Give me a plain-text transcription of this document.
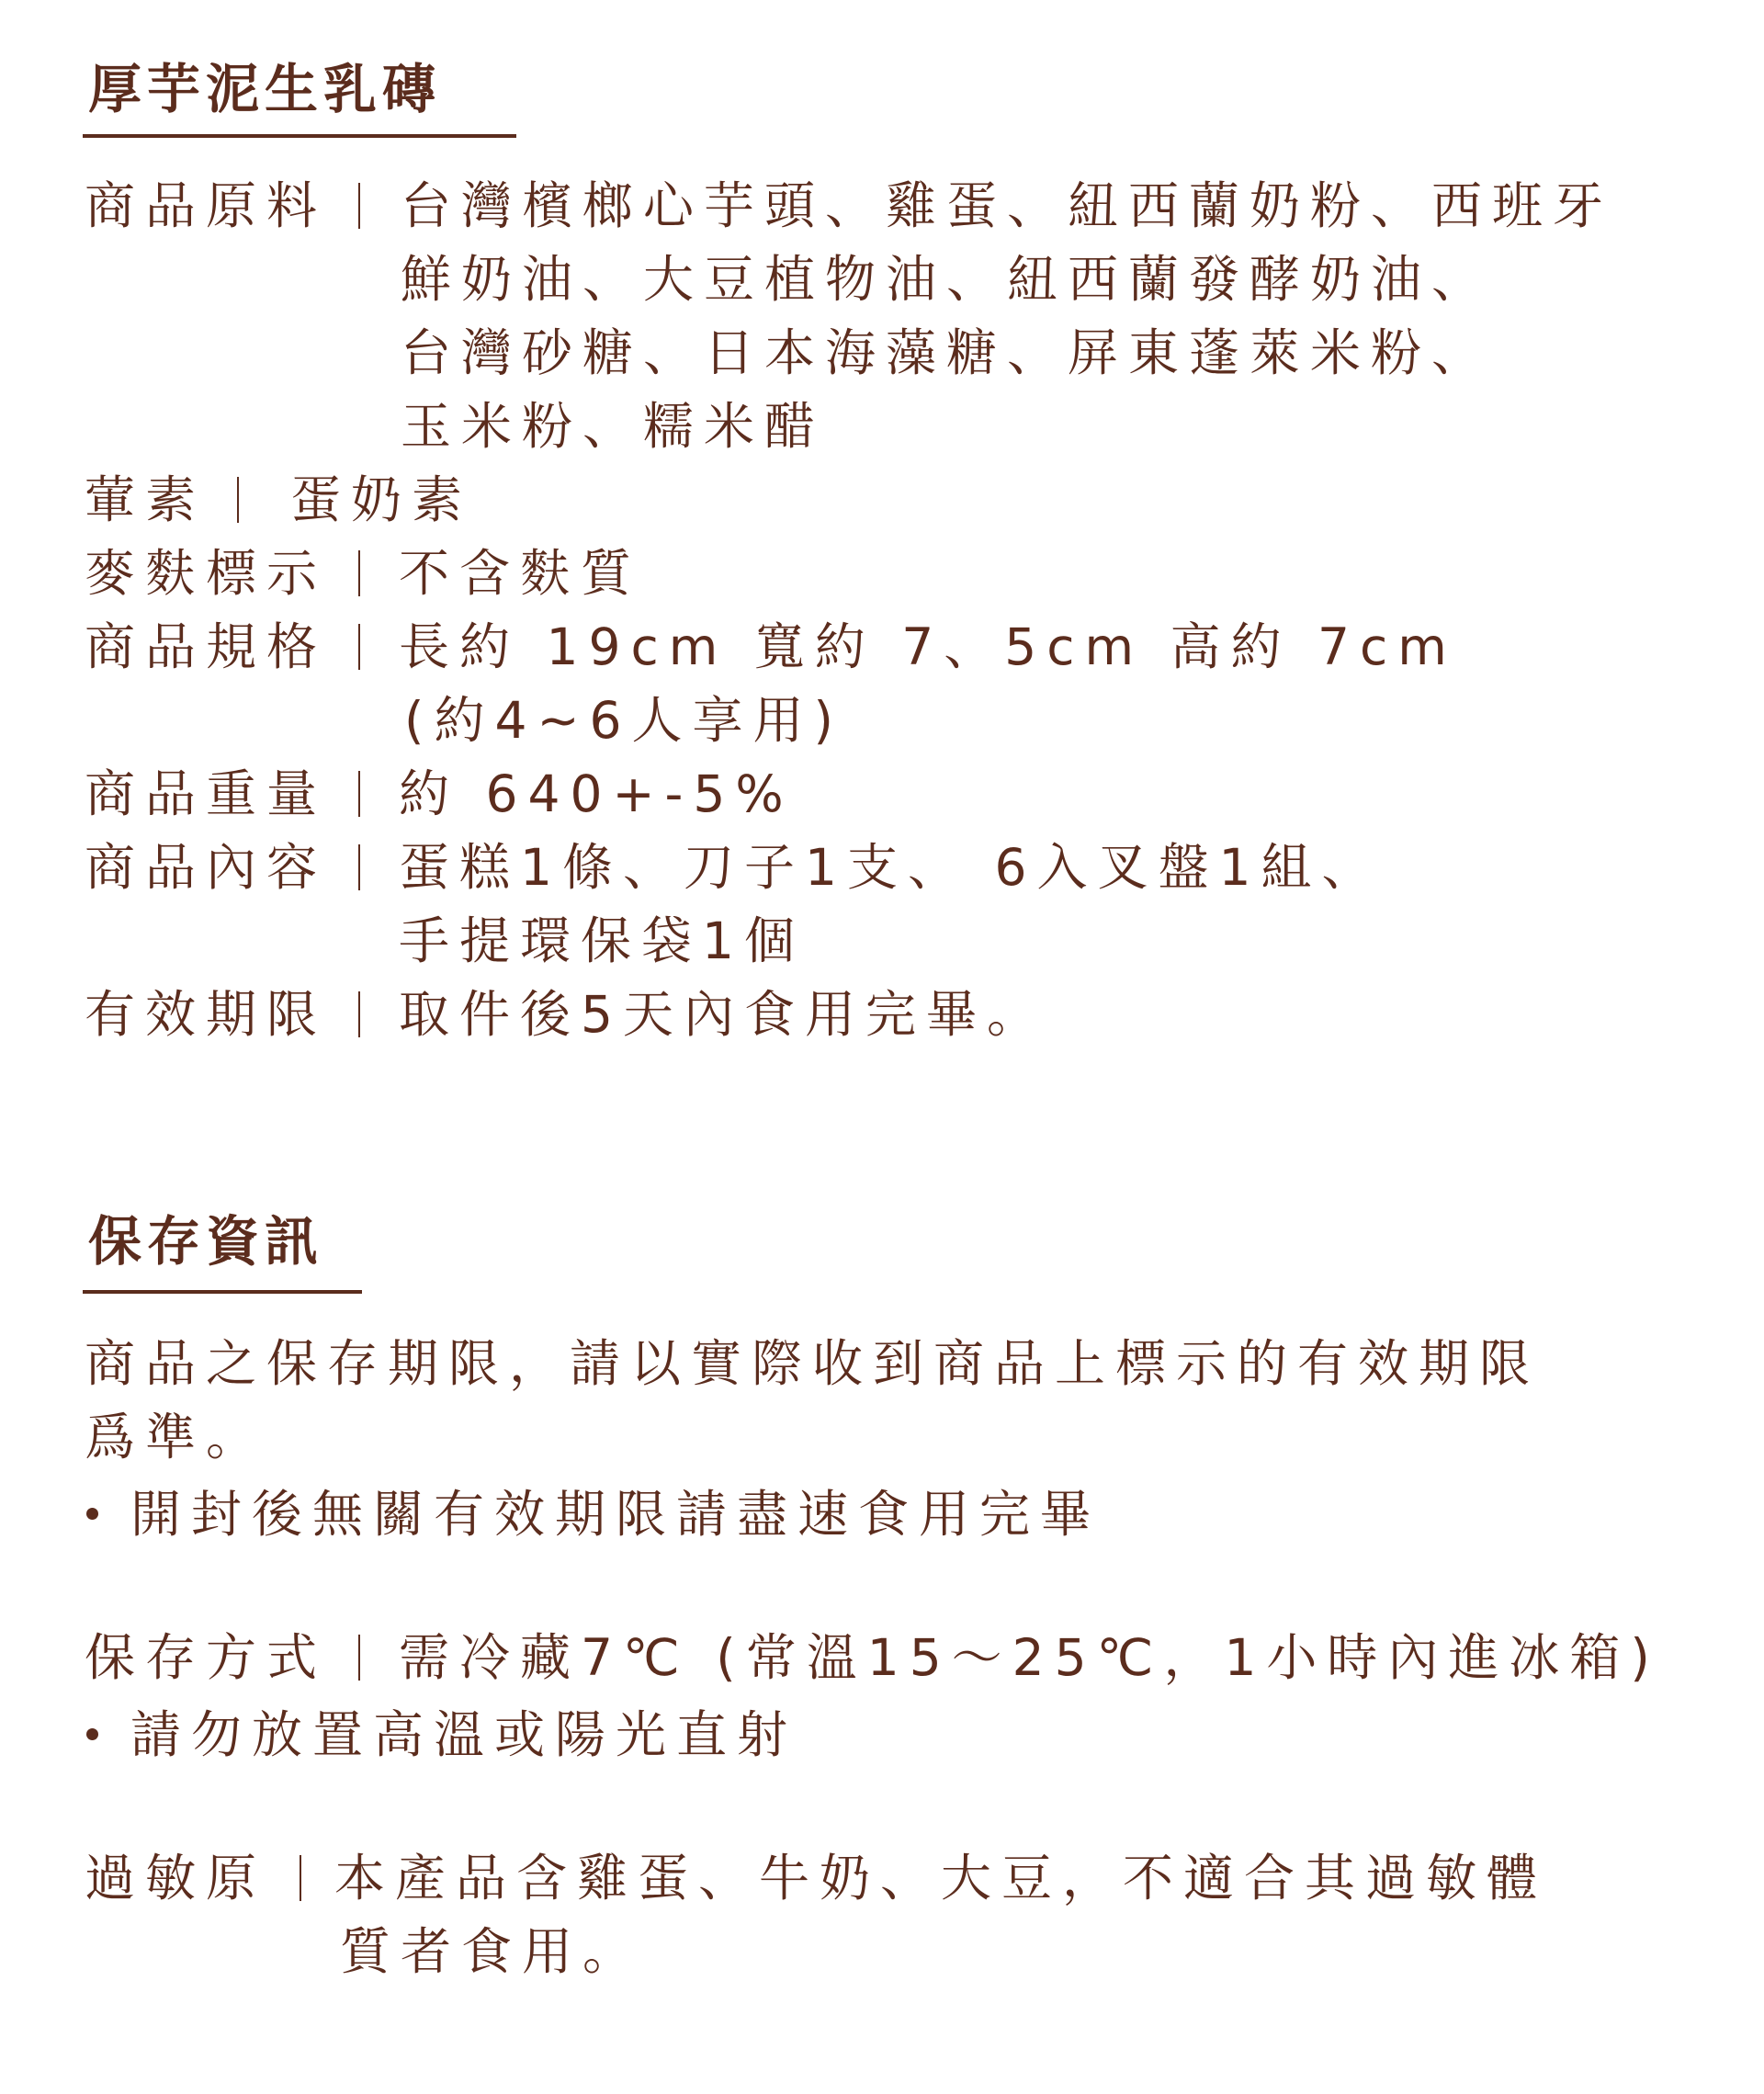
厚芋泥生乳磚
商品原料 台灣檳榔心芋頭、雞蛋、紐西蘭奶粉、西班牙
鮮奶油、大豆植物油、紐西蘭發酵奶油、
台灣砂糖、日本海藻糖、屏東蓬萊米粉、
玉米粉、糯米醋
葷素 蛋奶素
麥麩標示 不含麩質
商品規格 長約 19cm 寬約 7、5cm 高約 7cm
(約4~6人享用)
商品重量 約 640+-5%
商品內容 蛋糕1條、刀子1支、 6入叉盤1組、
手提環保袋1個
有效期限 取件後5天內食用完畢。
保存資訊
商品之保存期限，請以實際收到商品上標示的有效期限
爲準。
開封後無關有效期限請盡速食用完畢
保存方式 需冷藏7℃ (常溫15～25℃，1小時內進冰箱)
請勿放置高溫或陽光直射
過敏原 本產品含雞蛋、牛奶、大豆，不適合其過敏體
質者食用。
